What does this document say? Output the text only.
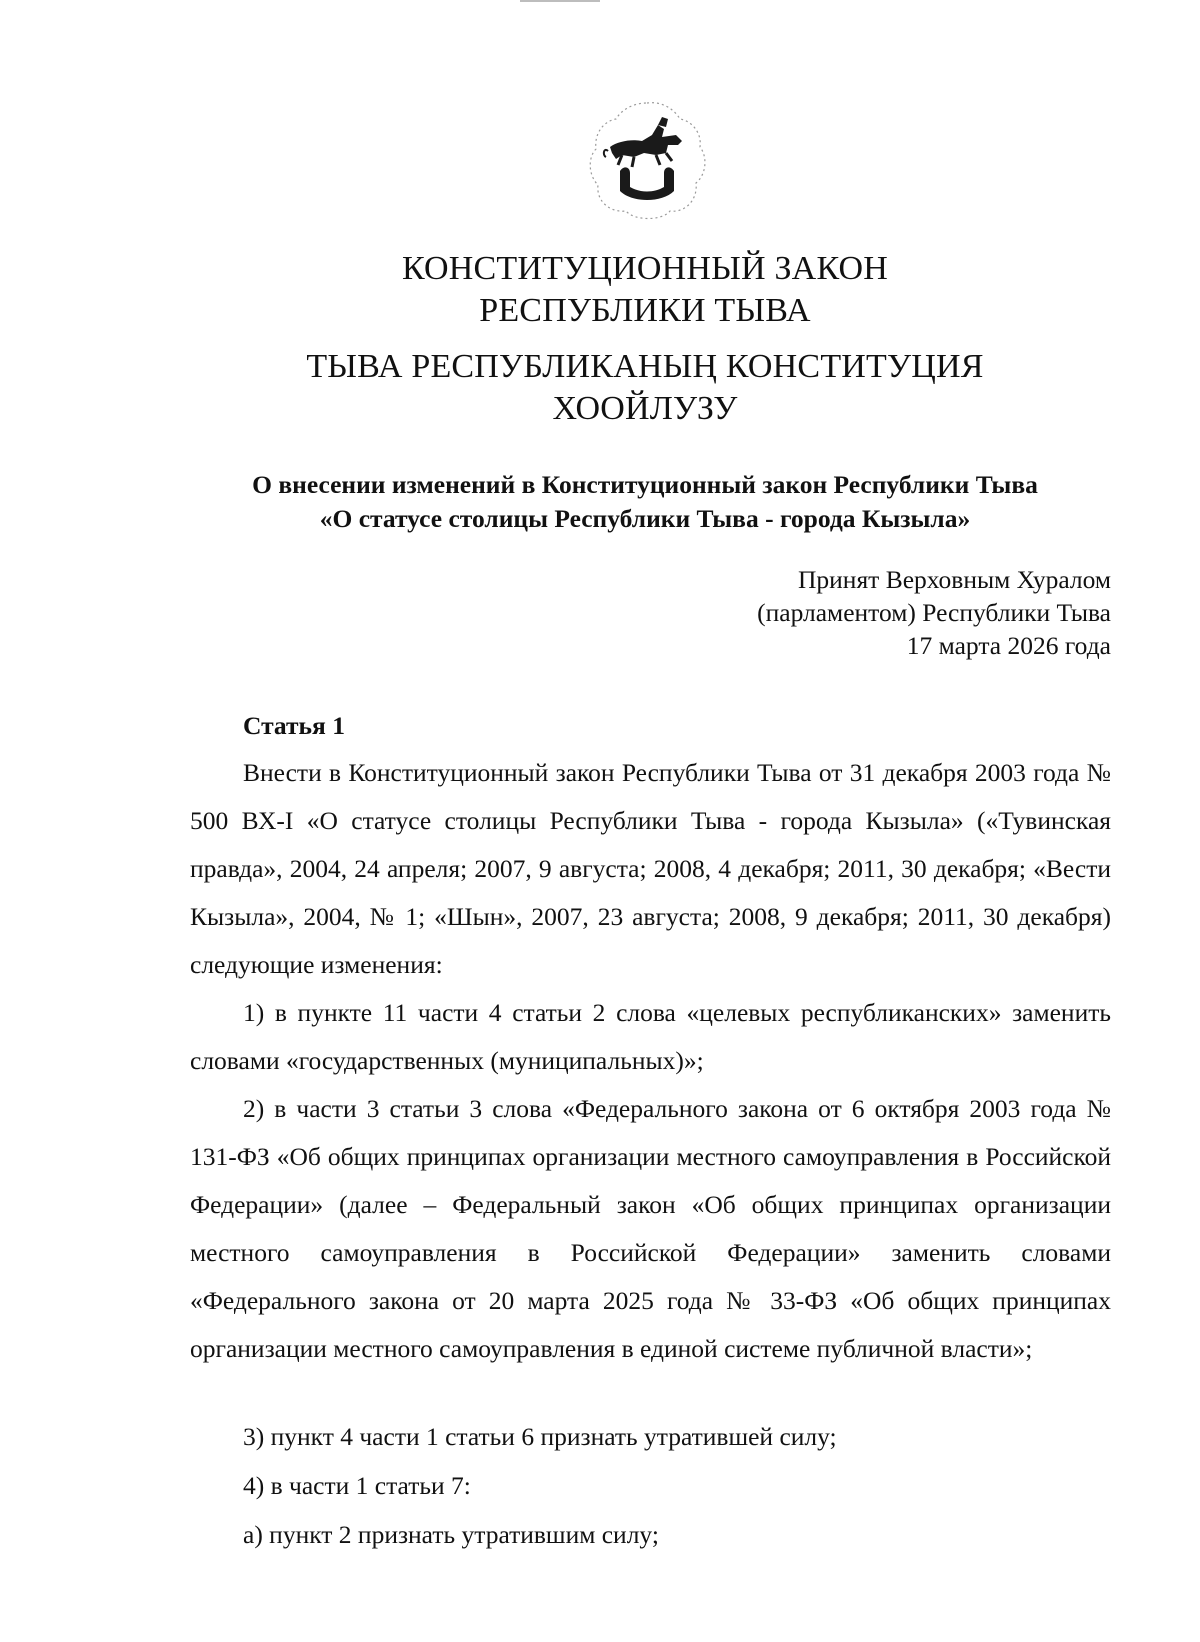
КОНСТИТУЦИОННЫЙ ЗАКОН
РЕСПУБЛИКИ ТЫВА
ТЫВА РЕСПУБЛИКАНЫҢ КОНСТИТУЦИЯ
ХООЙЛУЗУ
О внесении изменений в Конституционный закон Республики Тыва
«О статусе столицы Республики Тыва - города Кызыла»
Принят Верховным Хуралом
(парламентом) Республики Тыва
17 марта 2026 года
Статья 1

Внести в Конституционный закон Республики Тыва от 31 декабря 2003 года № 500 ВХ-I «О статусе столицы Республики Тыва - города Кызыла» («Тувинская правда», 2004, 24 апреля; 2007, 9 августа; 2008, 4 декабря; 2011, 30 декабря; «Вести Кызыла», 2004, № 1; «Шын», 2007, 23 августа; 2008, 9 декабря; 2011, 30 декабря) следующие изменения:

1) в пункте 11 части 4 статьи 2 слова «целевых республиканских» заменить словами «государственных (муниципальных)»;

2) в части 3 статьи 3 слова «Федерального закона от 6 октября 2003 года № 131-ФЗ «Об общих принципах организации местного самоуправления в Российской Федерации» (далее – Федеральный закон «Об общих принципах организации местного самоуправления в Российской Федерации» заменить словами «Федерального закона от 20 марта 2025 года № 33-ФЗ «Об общих принципах организации местного самоуправления в единой системе публичной власти»;

3) пункт 4 части 1 статьи 6 признать утратившей силу;

4) в части 1 статьи 7:

а) пункт 2 признать утратившим силу;
